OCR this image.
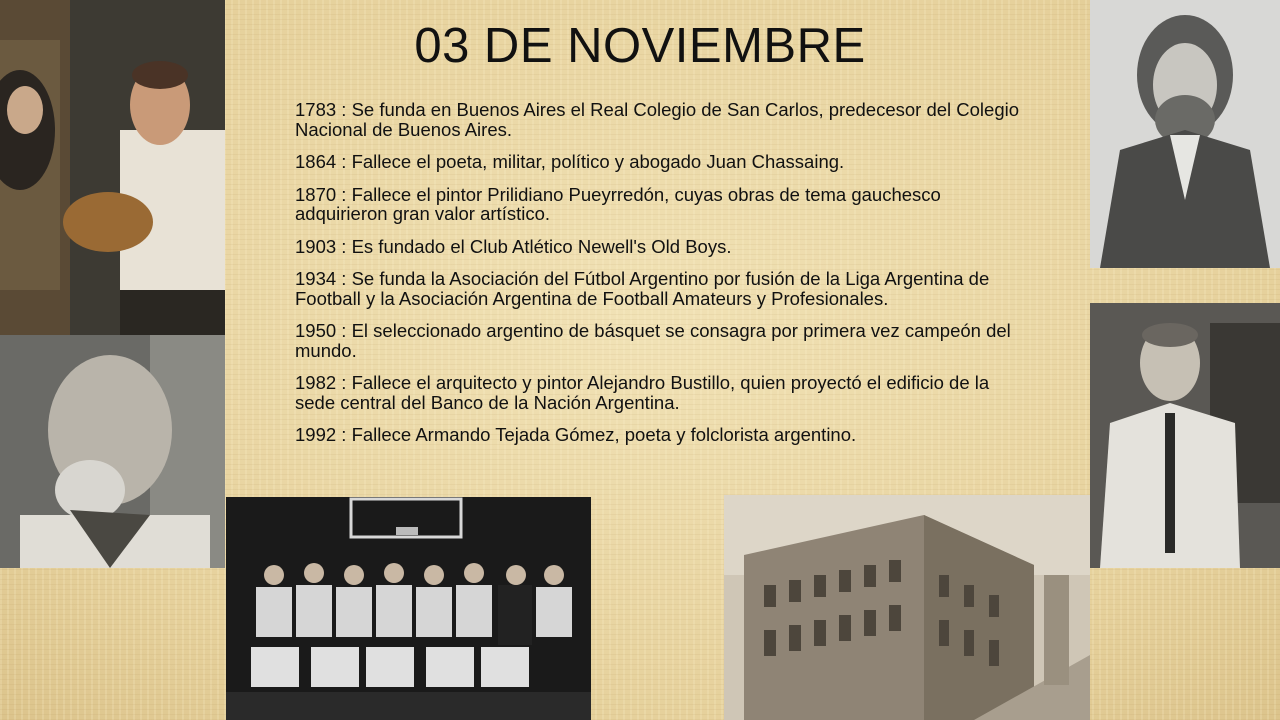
03 DE NOVIEMBRE
1783 : Se funda en Buenos Aires el Real Colegio de San Carlos, predecesor del Colegio Nacional de Buenos Aires.
1864 : Fallece el poeta, militar, político y abogado Juan Chassaing.
1870 : Fallece el pintor Prilidiano Pueyrredón, cuyas obras de tema gauchesco adquirieron gran valor artístico.
1903 : Es fundado el Club Atlético Newell's Old Boys.
1934 : Se funda la Asociación del Fútbol Argentino por fusión de la Liga Argentina de Football y la Asociación Argentina de Football Amateurs y Profesionales.
1950 : El seleccionado argentino de básquet se consagra por primera vez campeón del mundo.
1982 : Fallece el arquitecto y pintor Alejandro Bustillo, quien proyectó el edificio de la sede central del Banco de la Nación Argentina.
1992 : Fallece Armando Tejada Gómez, poeta y folclorista argentino.
